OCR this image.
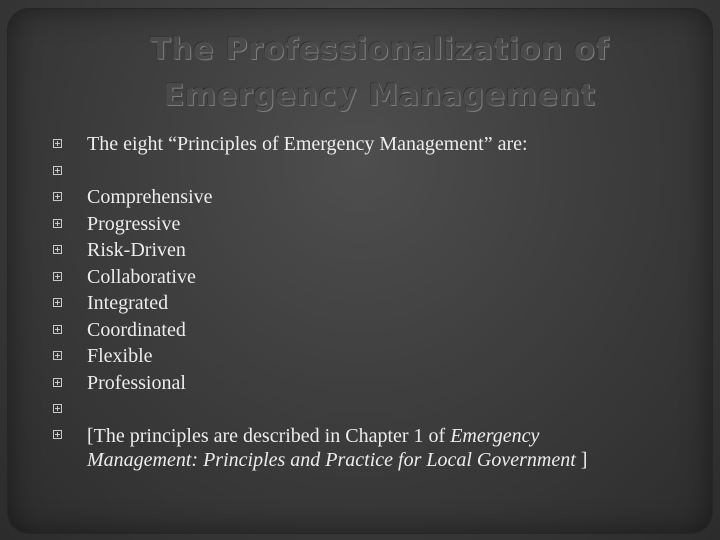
The Professionalization of
Emergency Management
The eight “Principles of Emergency Management” are:
Comprehensive
Progressive
Risk-Driven
Collaborative
Integrated
Coordinated
Flexible
Professional
[The principles are described in Chapter 1 of Emergency Management: Principles and Practice for Local Government ]
